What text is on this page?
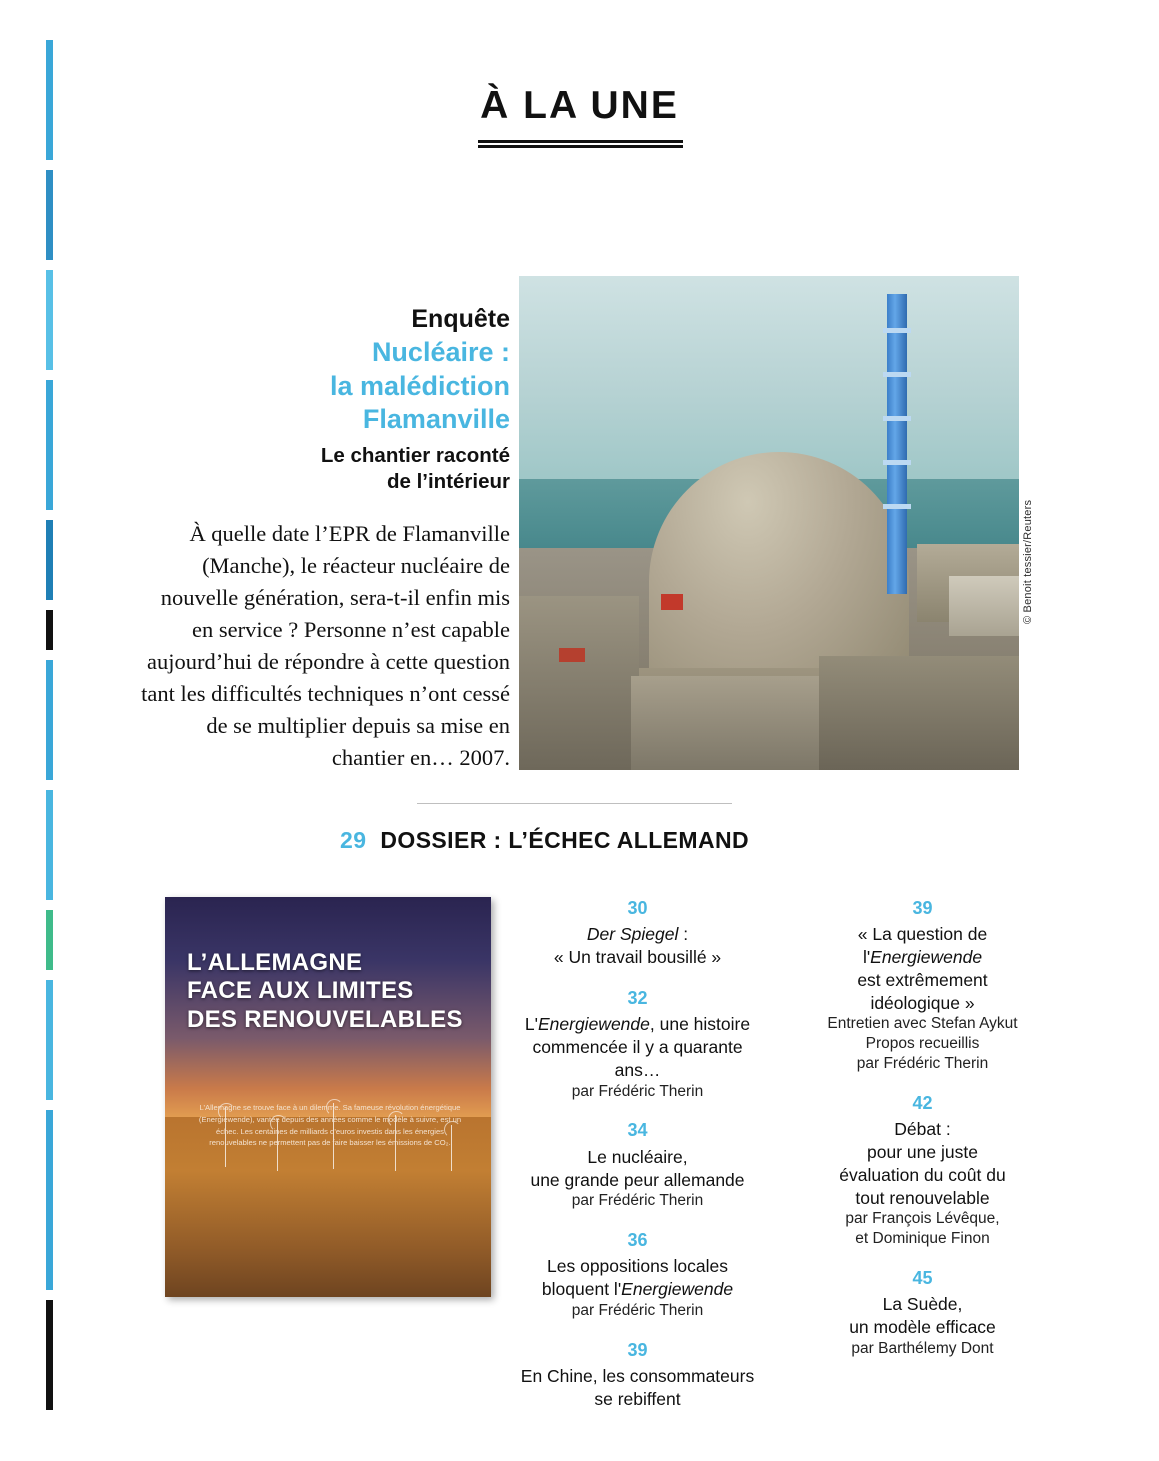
À LA UNE
© Benoit tessier/Reuters
Enquête
Nucléaire :
la malédiction
Flamanville
Le chantier raconté
de l’intérieur
À quelle date l’EPR de Flamanville (Manche), le réacteur nucléaire de nouvelle génération, sera-t-il enfin mis en service ? Personne n’est capable aujourd’hui de répondre à cette question tant les difficultés techniques n’ont cessé de se multiplier depuis sa mise en chantier en… 2007.
29 DOSSIER : L’ÉCHEC ALLEMAND
L’ALLEMAGNE
FACE AUX LIMITES
DES RENOUVELABLES
L’Allemagne se trouve face à un dilemme. Sa fameuse révolution énergétique (Energiewende), vantée depuis des années comme le modèle à suivre, est un échec. Les centaines de milliards d’euros investis dans les énergies renouvelables ne permettent pas de faire baisser les émissions de CO₂.
30
Der Spiegel :
« Un travail bousillé »
32
L'Energiewende, une histoire
commencée il y a quarante
ans…
par Frédéric Therin
34
Le nucléaire,
une grande peur allemande
par Frédéric Therin
36
Les oppositions locales
bloquent l'Energiewende
par Frédéric Therin
39
En Chine, les consommateurs
se rebiffent
39
« La question de
l'Energiewende
est extrêmement
idéologique »
Entretien avec Stefan Aykut
Propos recueillis
par Frédéric Therin
42
Débat :
pour une juste
évaluation du coût du
tout renouvelable
par François Lévêque,
et Dominique Finon
45
La Suède,
un modèle efficace
par Barthélemy Dont
